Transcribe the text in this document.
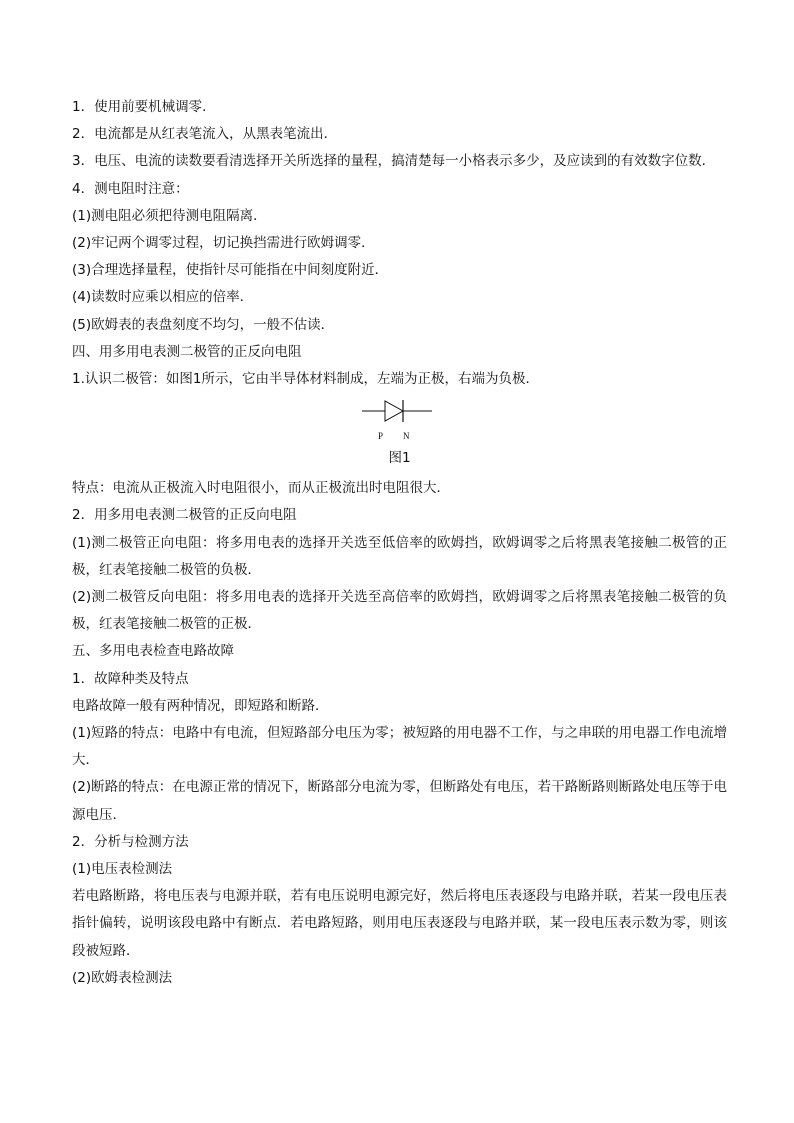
1．使用前要机械调零．

2．电流都是从红表笔流入，从黑表笔流出．

3．电压、电流的读数要看清选择开关所选择的量程，搞清楚每一小格表示多少，及应读到的有效数字位数．

4．测电阻时注意：

(1)测电阻必须把待测电阻隔离．

(2)牢记两个调零过程，切记换挡需进行欧姆调零．

(3)合理选择量程，使指针尽可能指在中间刻度附近．

(4)读数时应乘以相应的倍率．

(5)欧姆表的表盘刻度不均匀，一般不估读．

四、用多用电表测二极管的正反向电阻

1.认识二极管：如图1所示，它由半导体材料制成，左端为正极，右端为负极．

P N
图1

特点：电流从正极流入时电阻很小，而从正极流出时电阻很大．

2．用多用电表测二极管的正反向电阻

(1)测二极管正向电阻：将多用电表的选择开关选至低倍率的欧姆挡，欧姆调零之后将黑表笔接触二极管的正极，红表笔接触二极管的负极．

(2)测二极管反向电阻：将多用电表的选择开关选至高倍率的欧姆挡，欧姆调零之后将黑表笔接触二极管的负极，红表笔接触二极管的正极．

五、多用电表检查电路故障

1．故障种类及特点

电路故障一般有两种情况，即短路和断路．

(1)短路的特点：电路中有电流，但短路部分电压为零；被短路的用电器不工作，与之串联的用电器工作电流增大．

(2)断路的特点：在电源正常的情况下，断路部分电流为零，但断路处有电压，若干路断路则断路处电压等于电源电压．

2．分析与检测方法

(1)电压表检测法

若电路断路，将电压表与电源并联，若有电压说明电源完好，然后将电压表逐段与电路并联，若某一段电压表指针偏转，说明该段电路中有断点．若电路短路，则用电压表逐段与电路并联，某一段电压表示数为零，则该段被短路．

(2)欧姆表检测法
